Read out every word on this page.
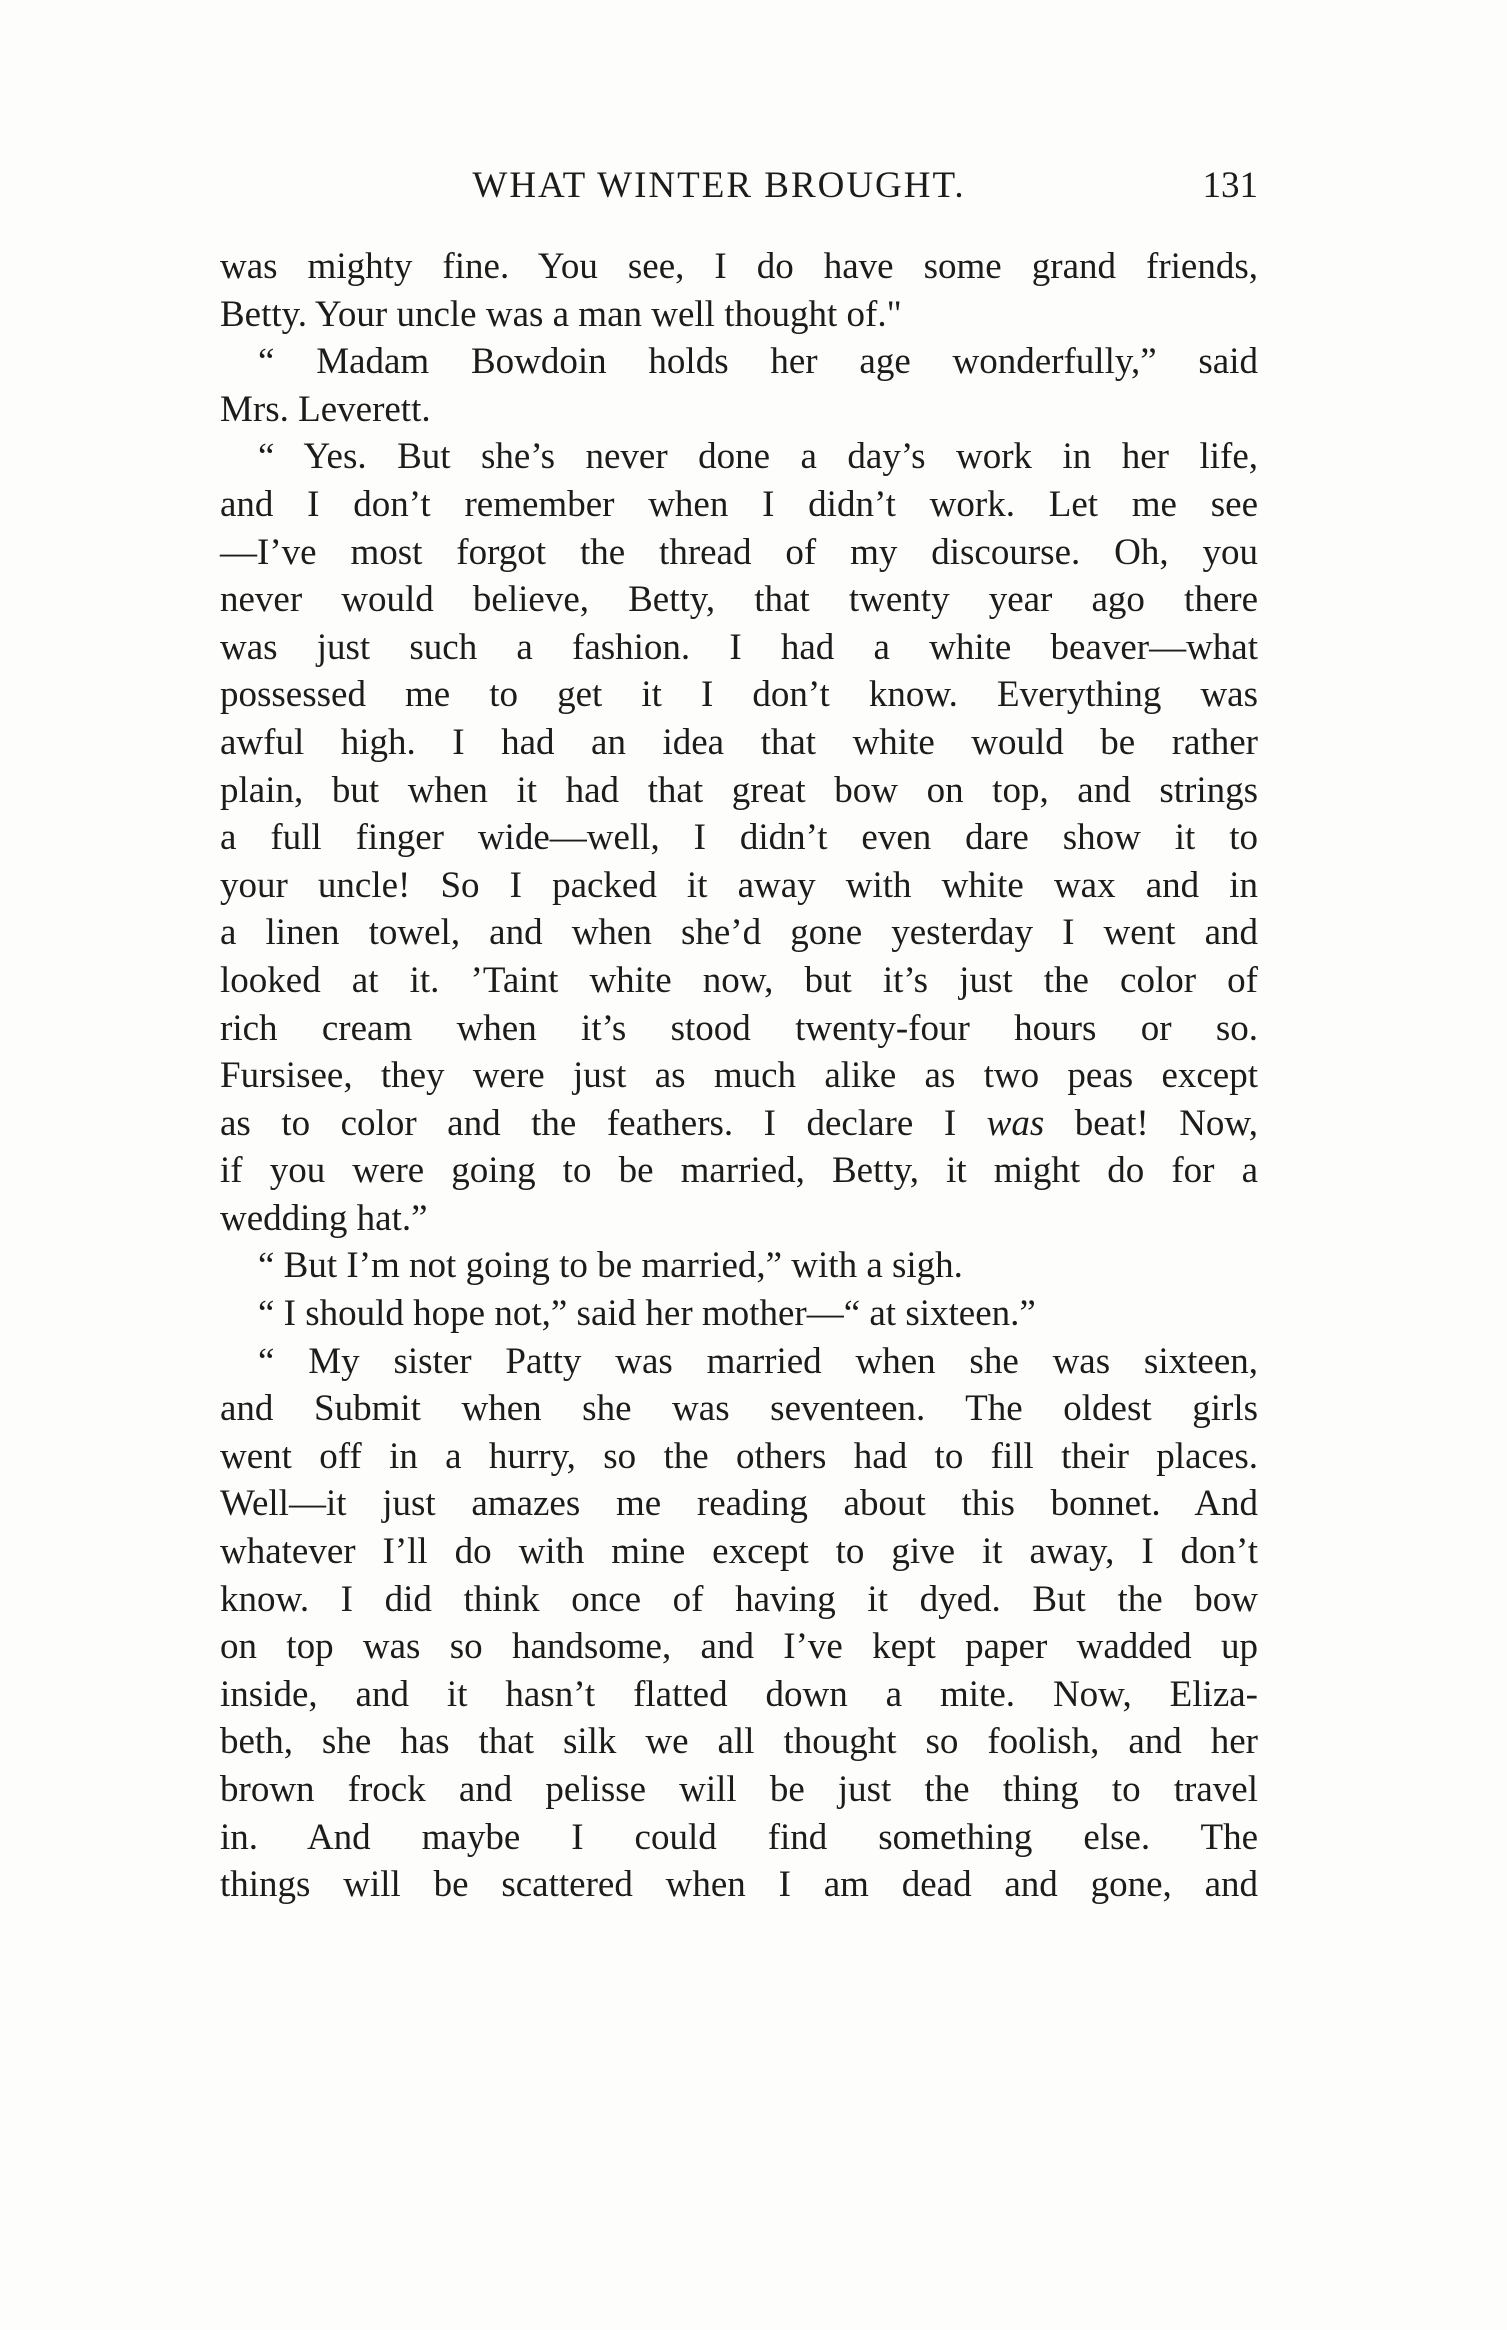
WHAT WINTER BROUGHT.	131
was mighty fine. You see, I do have some grand friends,
Betty. Your uncle was a man well thought of."
“ Madam Bowdoin holds her age wonderfully,” said
Mrs. Leverett.
“ Yes. But she’s never done a day’s work in her life,
and I don’t remember when I didn’t work. Let me see
—I’ve most forgot the thread of my discourse. Oh, you
never would believe, Betty, that twenty year ago there
was just such a fashion. I had a white beaver—what
possessed me to get it I don’t know. Everything was
awful high. I had an idea that white would be rather
plain, but when it had that great bow on top, and strings
a full finger wide—well, I didn’t even dare show it to
your uncle! So I packed it away with white wax and in
a linen towel, and when she’d gone yesterday I went and
looked at it. ’Taint white now, but it’s just the color of
rich cream when it’s stood twenty-four hours or so.
Fursisee, they were just as much alike as two peas except
as to color and the feathers. I declare I was beat! Now,
if you were going to be married, Betty, it might do for a
wedding hat.”
“ But I’m not going to be married,” with a sigh.
“ I should hope not,” said her mother—“ at sixteen.”
“ My sister Patty was married when she was sixteen,
and Submit when she was seventeen. The oldest girls
went off in a hurry, so the others had to fill their places.
Well—it just amazes me reading about this bonnet. And
whatever I’ll do with mine except to give it away, I don’t
know. I did think once of having it dyed. But the bow
on top was so handsome, and I’ve kept paper wadded up
inside, and it hasn’t flatted down a mite. Now, Eliza-
beth, she has that silk we all thought so foolish, and her
brown frock and pelisse will be just the thing to travel
in. And maybe I could find something else. The
things will be scattered when I am dead and gone, and
